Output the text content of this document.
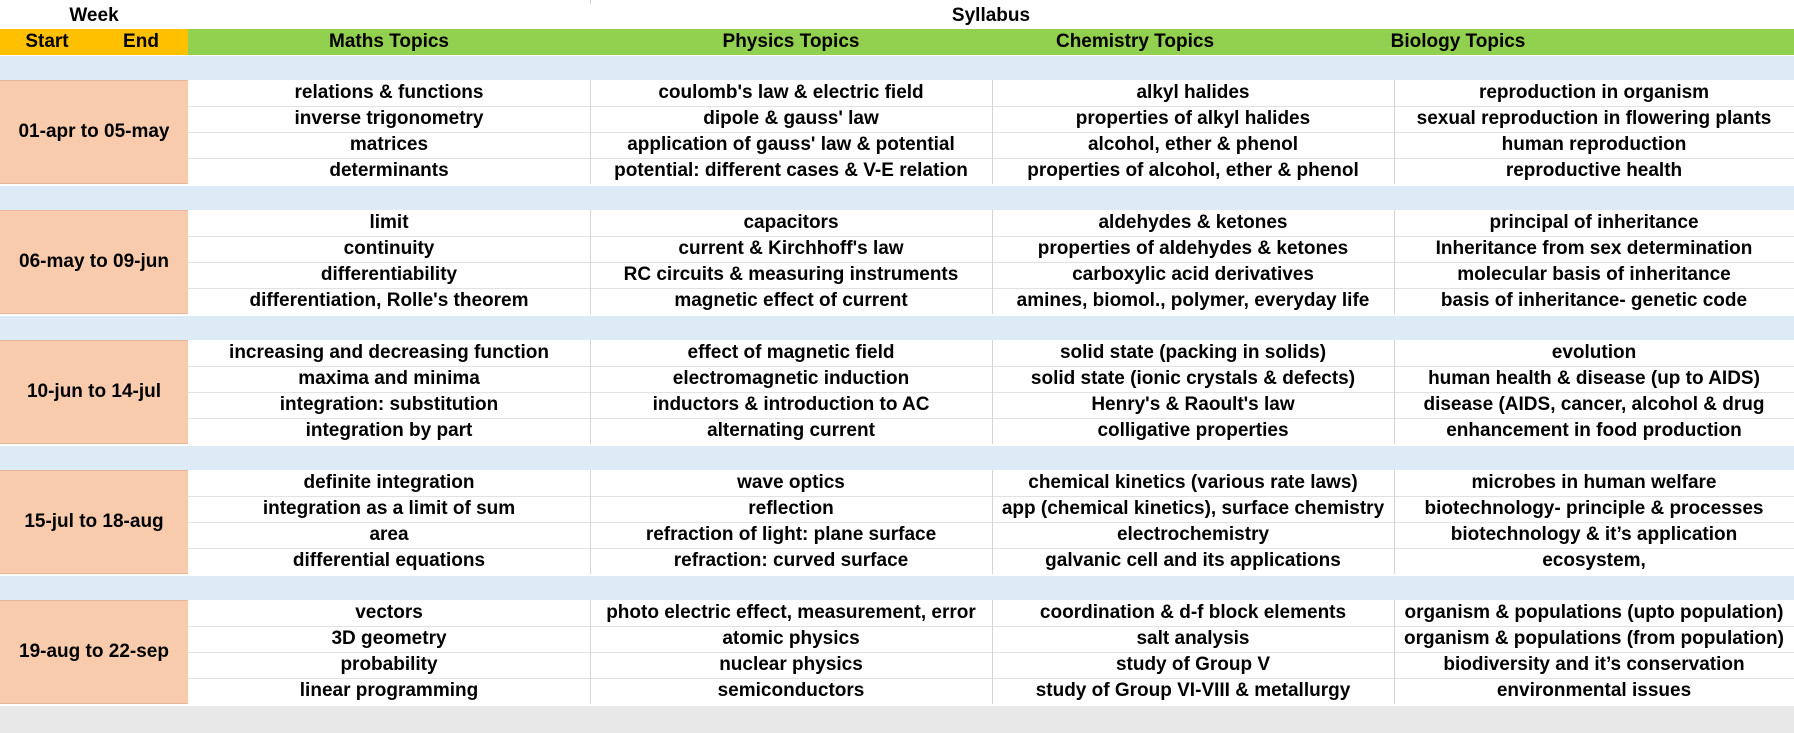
Week	Syllabus
Start	End	Maths Topics	Physics Topics	Chemistry Topics	Biology Topics
01-apr to 05-may
relations & functions	coulomb's law & electric field	alkyl halides	reproduction in organism
inverse trigonometry	dipole & gauss' law	properties of alkyl halides	sexual reproduction in flowering plants
matrices	application of gauss' law & potential	alcohol, ether & phenol	human reproduction
determinants	potential: different cases & V-E relation	properties of alcohol, ether & phenol	reproductive health
06-may to 09-jun
limit	capacitors	aldehydes & ketones	principal of inheritance
continuity	current & Kirchhoff's law	properties of aldehydes & ketones	Inheritance from sex determination
differentiability	RC circuits & measuring instruments	carboxylic acid derivatives	molecular basis of inheritance
differentiation, Rolle's theorem	magnetic effect of current	amines, biomol., polymer, everyday life	basis of inheritance- genetic code
10-jun to 14-jul
increasing and decreasing function	effect of magnetic field	solid state (packing in solids)	evolution
maxima and minima	electromagnetic induction	solid state (ionic crystals & defects)	human health & disease (up to AIDS)
integration: substitution	inductors & introduction to AC	Henry's & Raoult's law	disease (AIDS, cancer, alcohol & drug
integration by part	alternating current	colligative properties	enhancement in food production
15-jul to 18-aug
definite integration	wave optics	chemical kinetics (various rate laws)	microbes in human welfare
integration as a limit of sum	reflection	app (chemical kinetics), surface chemistry	biotechnology- principle & processes
area	refraction of light: plane surface	electrochemistry	biotechnology & it’s application
differential equations	refraction: curved surface	galvanic cell and its applications	ecosystem,
19-aug to 22-sep
vectors	photo electric effect, measurement, error	coordination & d-f block elements	organism & populations (upto population)
3D geometry	atomic physics	salt analysis	organism & populations (from population)
probability	nuclear physics	study of Group V	biodiversity and it’s conservation
linear programming	semiconductors	study of Group VI-VIII & metallurgy	environmental issues
